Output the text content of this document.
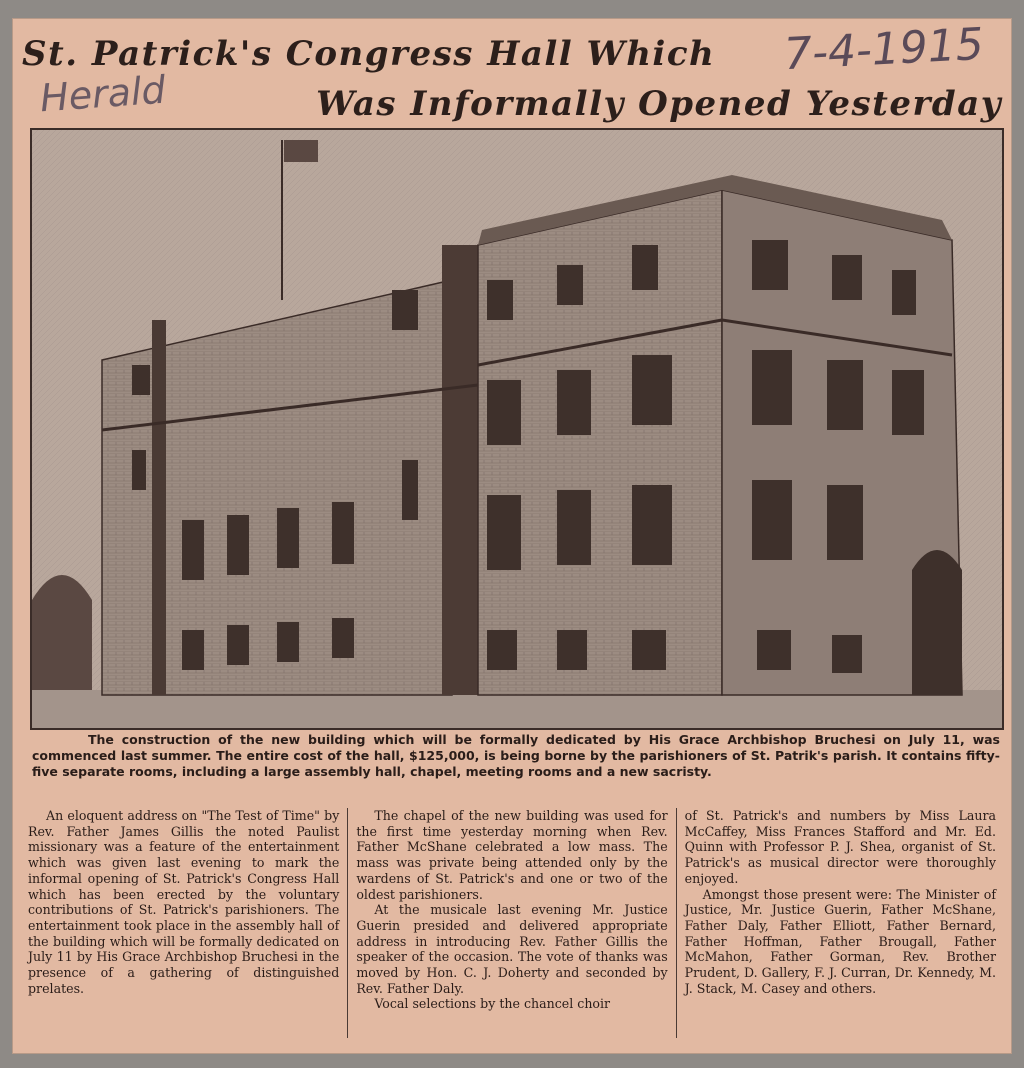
St. Patrick's Congress Hall Which
Was Informally Opened Yesterday
7-4-1915
Herald

The construction of the new building which will be formally dedicated by His Grace Archbishop Bruchesi on July 11, was commenced last summer. The entire cost of the hall, $125,000, is being borne by the parishioners of St. Patrik's parish. It contains fifty-five separate rooms, including a large assembly hall, chapel, meeting rooms and a new sacristy.

An eloquent address on "The Test of Time" by Rev. Father James Gillis the noted Paulist missionary was a feature of the entertainment which was given last evening to mark the informal opening of St. Patrick's Congress Hall which has been erected by the voluntary contributions of St. Patrick's parishioners. The entertainment took place in the assembly hall of the building which will be formally dedicated on July 11 by His Grace Archbishop Bruchesi in the presence of a gathering of distinguished prelates.

The chapel of the new building was used for the first time yesterday morning when Rev. Father McShane celebrated a low mass. The mass was private being attended only by the wardens of St. Patrick's and one or two of the oldest parishioners.

At the musicale last evening Mr. Justice Guerin presided and delivered appropriate address in introducing Rev. Father Gillis the speaker of the occasion. The vote of thanks was moved by Hon. C. J. Doherty and seconded by Rev. Father Daly.

Vocal selections by the chancel choir

of St. Patrick's and numbers by Miss Laura McCaffey, Miss Frances Stafford and Mr. Ed. Quinn with Professor P. J. Shea, organist of St. Patrick's as musical director were thoroughly enjoyed.

Amongst those present were: The Minister of Justice, Mr. Justice Guerin, Father McShane, Father Daly, Father Elliott, Father Bernard, Father Hoffman, Father Brougall, Father McMahon, Father Gorman, Rev. Brother Prudent, D. Gallery, F. J. Curran, Dr. Kennedy, M. J. Stack, M. Casey and others.
